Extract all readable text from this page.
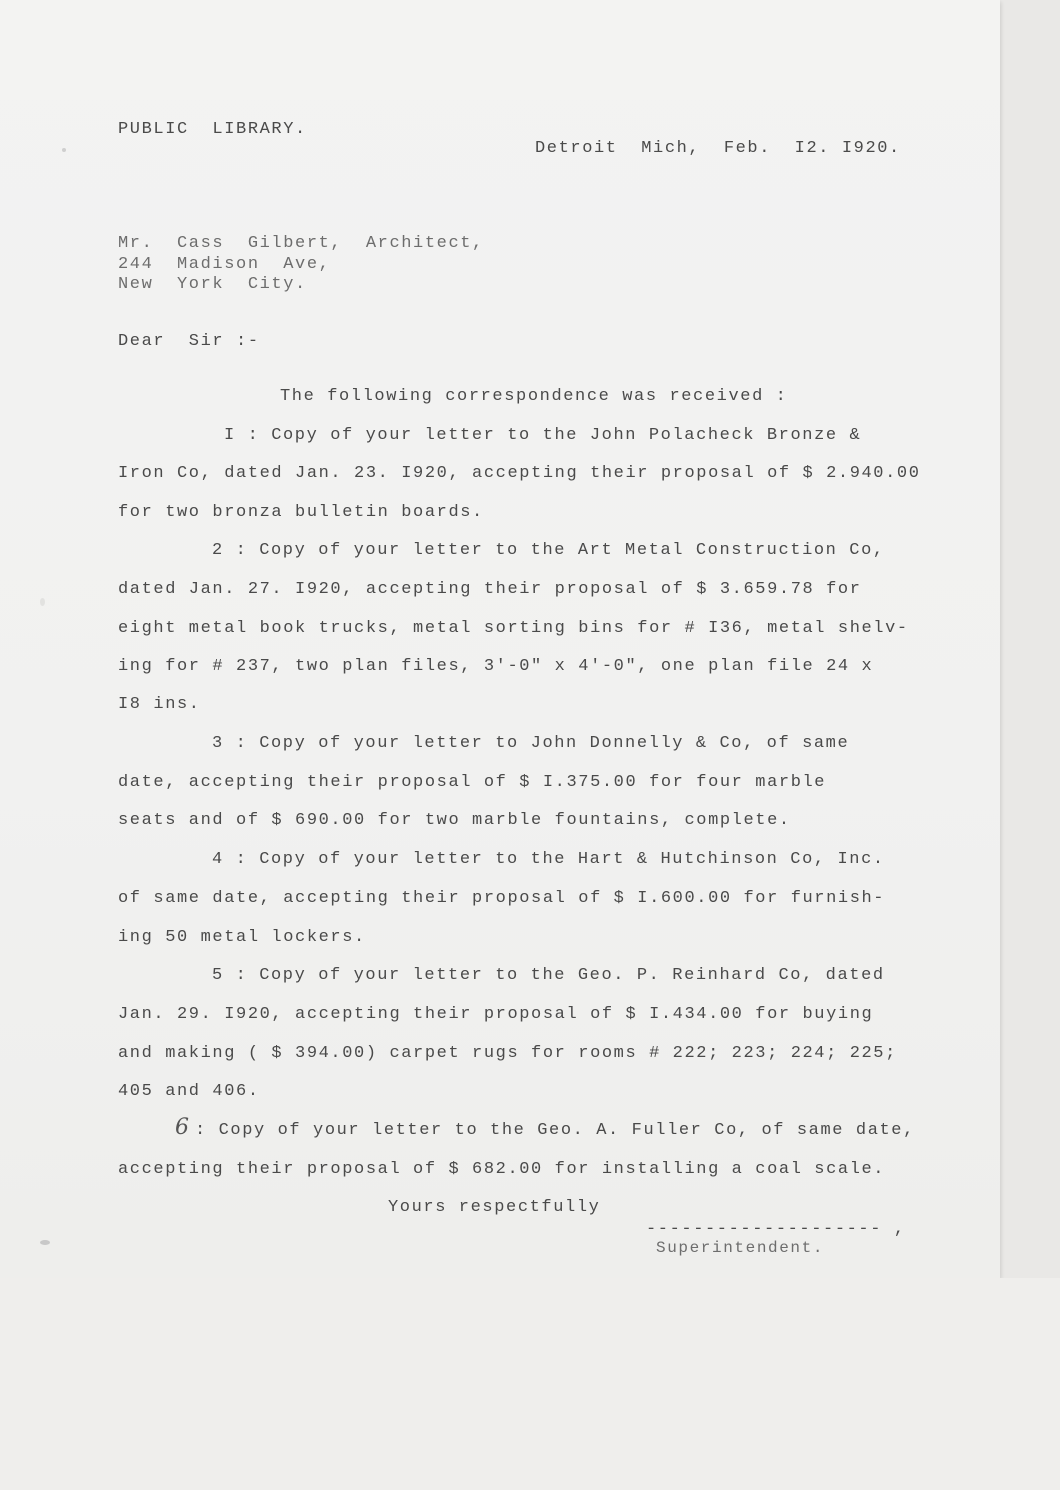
PUBLIC  LIBRARY.
Detroit  Mich,  Feb.  I2. I920.
Mr.  Cass  Gilbert,  Architect,
244  Madison  Ave,
New  York  City.
Dear  Sir :-
The following correspondence was received :
I : Copy of your letter to the John Polacheck Bronze &
Iron Co, dated Jan. 23. I920, accepting their proposal of $ 2.940.00
for two bronza bulletin boards.
2 : Copy of your letter to the Art Metal Construction Co,
dated Jan. 27. I920, accepting their proposal of $ 3.659.78 for
eight metal book trucks, metal sorting bins for # I36, metal shelv-
ing for # 237, two plan files, 3'-0" x 4'-0", one plan file 24 x
I8 ins.
3 : Copy of your letter to John Donnelly & Co, of same
date, accepting their proposal of $ I.375.00 for four marble
seats and of $ 690.00 for two marble fountains, complete.
4 : Copy of your letter to the Hart & Hutchinson Co, Inc.
of same date, accepting their proposal of $ I.600.00 for furnish-
ing 50 metal lockers.
5 : Copy of your letter to the Geo. P. Reinhard Co, dated
Jan. 29. I920, accepting their proposal of $ I.434.00 for buying
and making ( $ 394.00) carpet rugs for rooms # 222; 223; 224; 225;
405 and 406.
6 : Copy of your letter to the Geo. A. Fuller Co, of same date,
accepting their proposal of $ 682.00 for installing a coal scale.
Yours respectfully
-------------------- ,
Superintendent.
